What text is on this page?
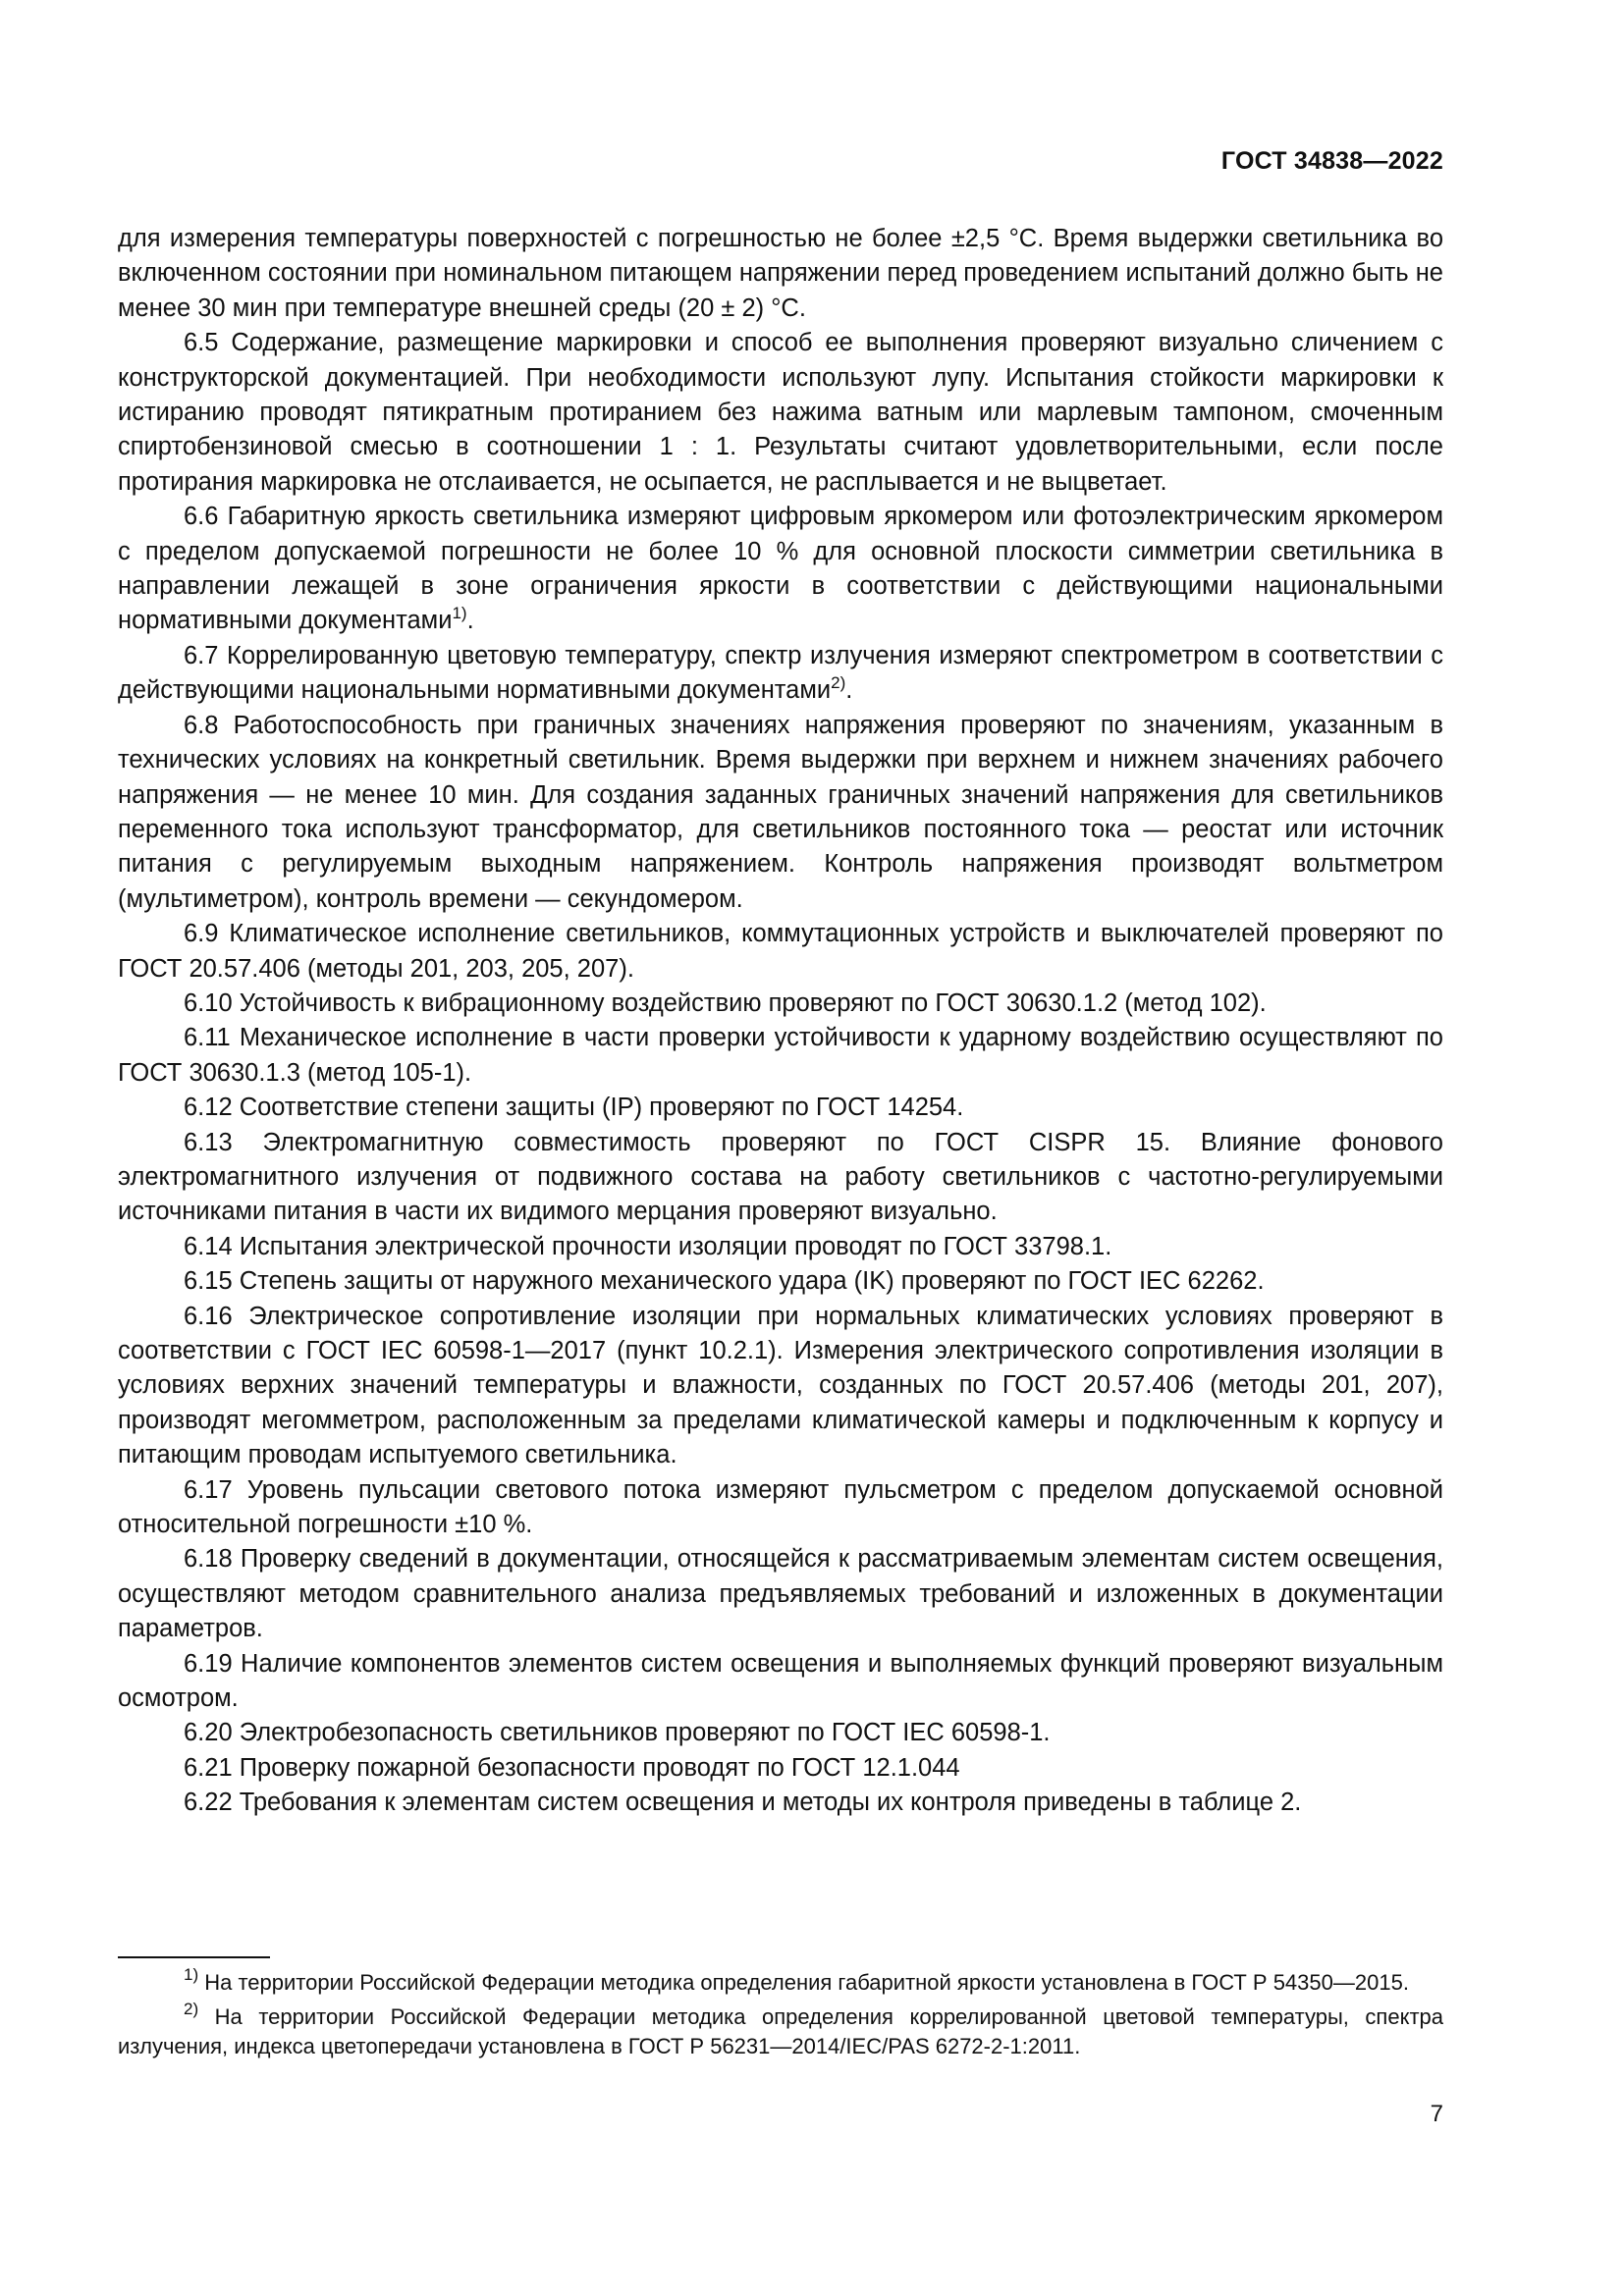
ГОСТ 34838—2022

для измерения температуры поверхностей с погрешностью не более ±2,5 °С. Время выдержки светильника во включенном состоянии при номинальном питающем напряжении перед проведением испытаний должно быть не менее 30 мин при температуре внешней среды (20 ± 2) °С.

6.5 Содержание, размещение маркировки и способ ее выполнения проверяют визуально сличением с конструкторской документацией. При необходимости используют лупу. Испытания стойкости маркировки к истиранию проводят пятикратным протиранием без нажима ватным или марлевым тампоном, смоченным спиртобензиновой смесью в соотношении 1 : 1. Результаты считают удовлетворительными, если после протирания маркировка не отслаивается, не осыпается, не расплывается и не выцветает.

6.6 Габаритную яркость светильника измеряют цифровым яркомером или фотоэлектрическим яркомером с пределом допускаемой погрешности не более 10 % для основной плоскости симметрии светильника в направлении лежащей в зоне ограничения яркости в соответствии с действующими национальными нормативными документами$^{1)}$.

6.7 Коррелированную цветовую температуру, спектр излучения измеряют спектрометром в соответствии с действующими национальными нормативными документами$^{2)}$.

6.8 Работоспособность при граничных значениях напряжения проверяют по значениям, указанным в технических условиях на конкретный светильник. Время выдержки при верхнем и нижнем значениях рабочего напряжения — не менее 10 мин. Для создания заданных граничных значений напряжения для светильников переменного тока используют трансформатор, для светильников постоянного тока — реостат или источник питания с регулируемым выходным напряжением. Контроль напряжения производят вольтметром (мультиметром), контроль времени — секундомером.

6.9 Климатическое исполнение светильников, коммутационных устройств и выключателей проверяют по ГОСТ 20.57.406 (методы 201, 203, 205, 207).

6.10 Устойчивость к вибрационному воздействию проверяют по ГОСТ 30630.1.2 (метод 102).

6.11 Механическое исполнение в части проверки устойчивости к ударному воздействию осуществляют по ГОСТ 30630.1.3 (метод 105-1).

6.12 Соответствие степени защиты (IP) проверяют по ГОСТ 14254.

6.13 Электромагнитную совместимость проверяют по ГОСТ CISPR 15. Влияние фонового электромагнитного излучения от подвижного состава на работу светильников с частотно-регулируемыми источниками питания в части их видимого мерцания проверяют визуально.

6.14 Испытания электрической прочности изоляции проводят по ГОСТ 33798.1.

6.15 Степень защиты от наружного механического удара (IK) проверяют по ГОСТ IEC 62262.

6.16 Электрическое сопротивление изоляции при нормальных климатических условиях проверяют в соответствии с ГОСТ IEC 60598-1—2017 (пункт 10.2.1). Измерения электрического сопротивления изоляции в условиях верхних значений температуры и влажности, созданных по ГОСТ 20.57.406 (методы 201, 207), производят мегомметром, расположенным за пределами климатической камеры и подключенным к корпусу и питающим проводам испытуемого светильника.

6.17 Уровень пульсации светового потока измеряют пульсметром с пределом допускаемой основной относительной погрешности ±10 %.

6.18 Проверку сведений в документации, относящейся к рассматриваемым элементам систем освещения, осуществляют методом сравнительного анализа предъявляемых требований и изложенных в документации параметров.

6.19 Наличие компонентов элементов систем освещения и выполняемых функций проверяют визуальным осмотром.

6.20 Электробезопасность светильников проверяют по ГОСТ IEC 60598-1.

6.21 Проверку пожарной безопасности проводят по ГОСТ 12.1.044

6.22 Требования к элементам систем освещения и методы их контроля приведены в таблице 2.

$^{1)}$ На территории Российской Федерации методика определения габаритной яркости установлена в ГОСТ Р 54350—2015.

$^{2)}$ На территории Российской Федерации методика определения коррелированной цветовой температуры, спектра излучения, индекса цветопередачи установлена в ГОСТ Р 56231—2014/IEC/PAS 6272-2-1:2011.

7
